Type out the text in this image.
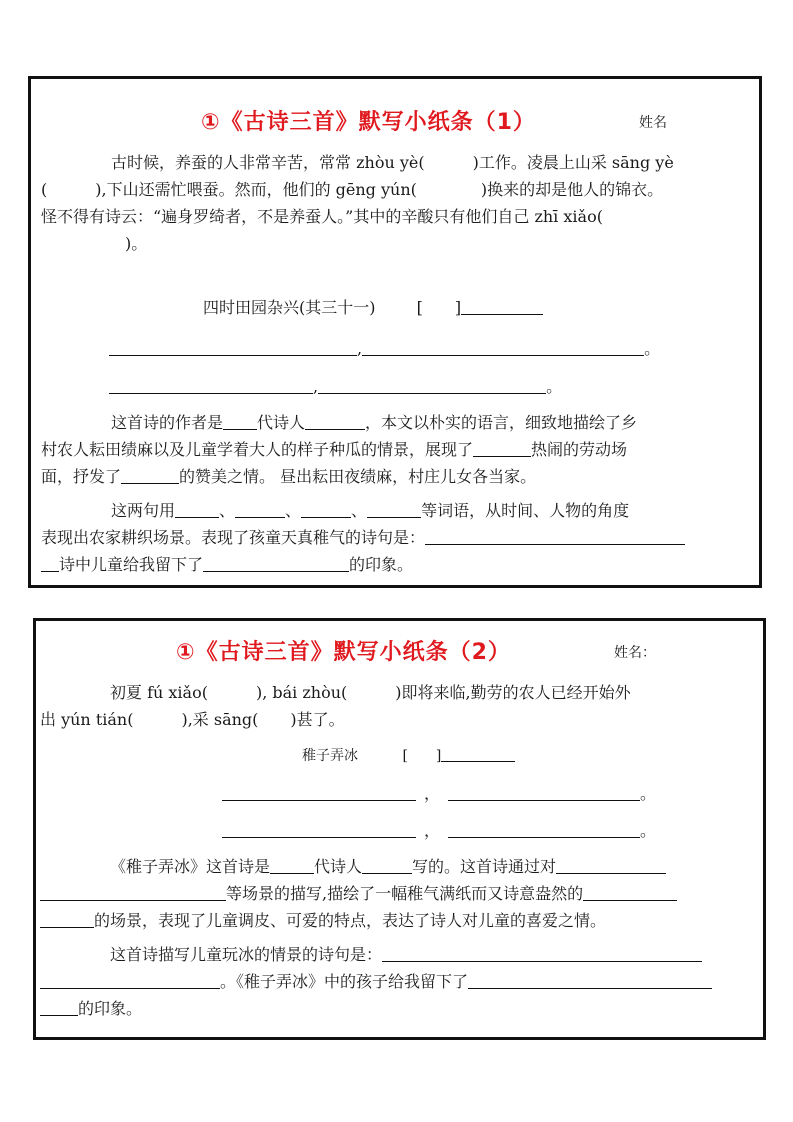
①《古诗三首》默写小纸条（1）	姓名
古时候，养蚕的人非常辛苦，常常 zhòu yè(　　　)工作。凌晨上山采 sāng yè
(　　　),下山还需忙喂蚕。然而，他们的 gēng yún(　　　　)换来的却是他人的锦衣。
怪不得有诗云：“遍身罗绮者，不是养蚕人。”其中的辛酸只有他们自己 zhī xiǎo(
　　)。
四时田园杂兴(其三十一)	[　　]
,	。
,	。
这首诗的作者是 代诗人	，本文以朴实的语言，细致地描绘了乡
村农人耘田绩麻以及儿童学着大人的样子种瓜的情景，展现了	热闹的劳动场
面，抒发了	的赞美之情。 昼出耘田夜绩麻，村庄儿女各当家。
这两句用	、	、	、	等词语，从时间、人物的角度
表现出农家耕织场景。表现了孩童天真稚气的诗句是：
诗中儿童给我留下了	的印象。
①《古诗三首》默写小纸条（2）	姓名：
初夏 fú xiǎo(　　　), bái zhòu(　　　)即将来临,勤劳的农人已经开始外
出 yún tián(　　　),采 sāng(　　)甚了。
稚子弄冰	[　　]
，	。
，	。
《稚子弄冰》这首诗是	代诗人	写的。这首诗通过对
等场景的描写,描绘了一幅稚气满纸而又诗意盎然的
的场景，表现了儿童调皮、可爱的特点，表达了诗人对儿童的喜爱之情。
这首诗描写儿童玩冰的情景的诗句是：
。《稚子弄冰》中的孩子给我留下了
的印象。
